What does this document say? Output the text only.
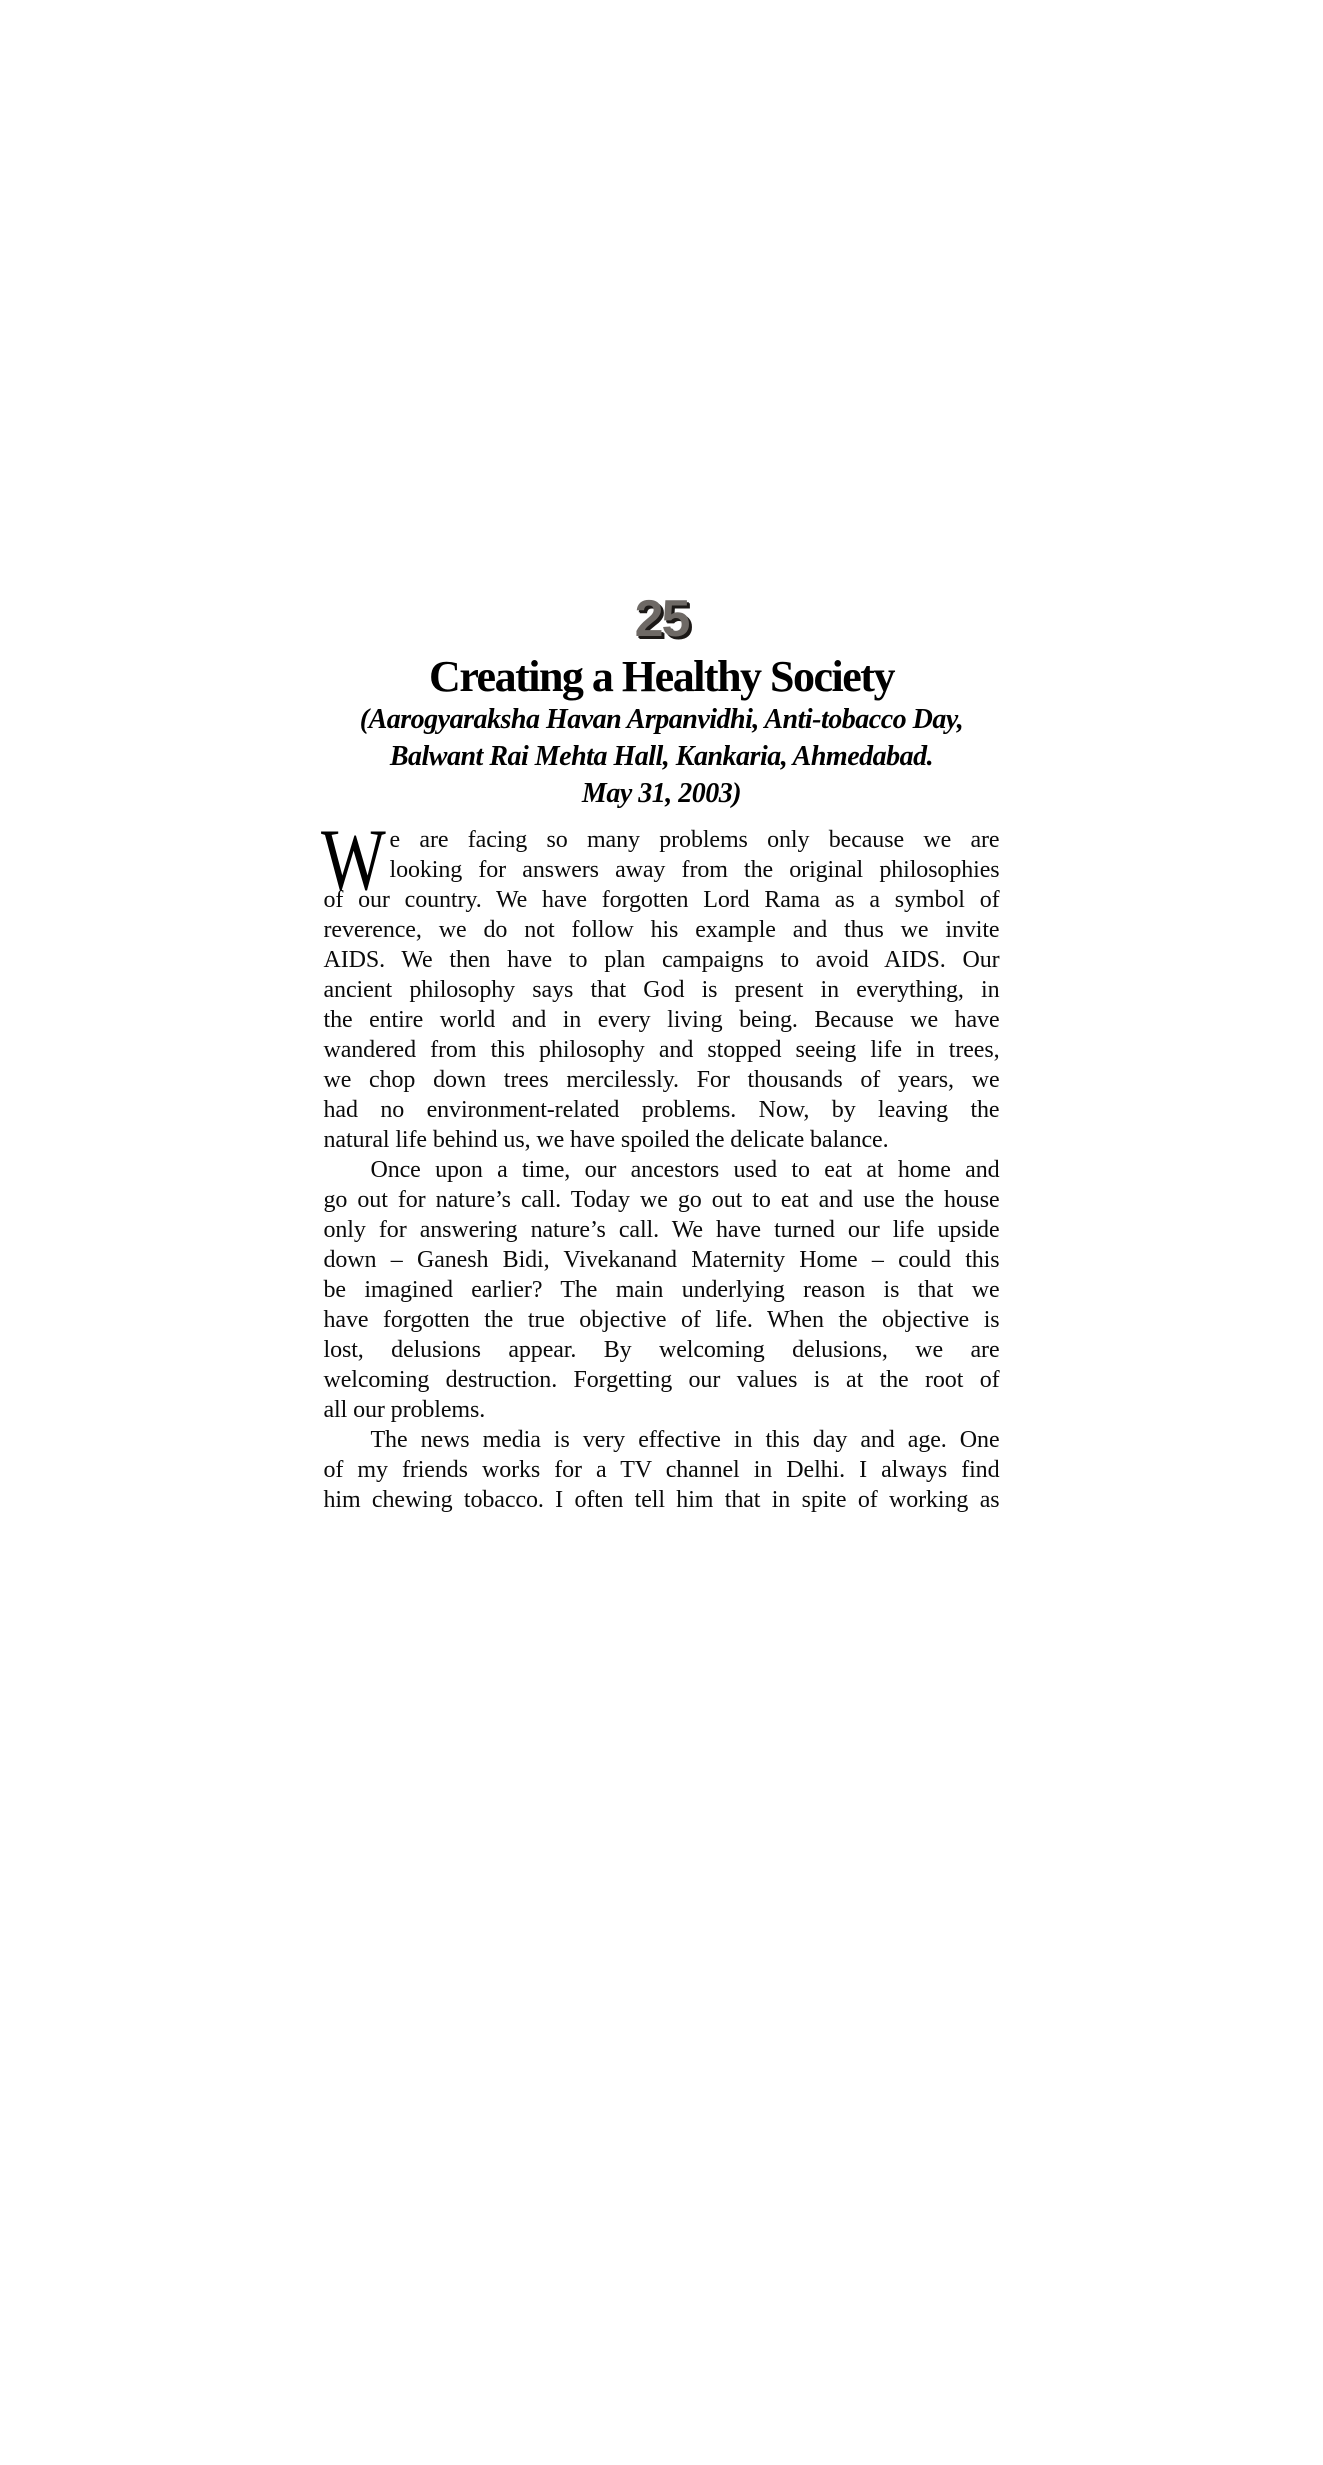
25
Creating a Healthy Society
(Aarogyaraksha Havan Arpanvidhi, Anti-tobacco Day,
Balwant Rai Mehta Hall, Kankaria, Ahmedabad.
May 31, 2003)
W e are facing so many problems only because we are
looking for answers away from the original philosophies
of our country. We have forgotten Lord Rama as a symbol of
reverence, we do not follow his example and thus we invite
AIDS. We then have to plan campaigns to avoid AIDS. Our
ancient philosophy says that God is present in everything, in
the entire world and in every living being. Because we have
wandered from this philosophy and stopped seeing life in trees,
we chop down trees mercilessly. For thousands of years, we
had no environment-related problems. Now, by leaving the
natural life behind us, we have spoiled the delicate balance.
Once upon a time, our ancestors used to eat at home and
go out for nature’s call. Today we go out to eat and use the house
only for answering nature’s call. We have turned our life upside
down – Ganesh Bidi, Vivekanand Maternity Home – could this
be imagined earlier? The main underlying reason is that we
have forgotten the true objective of life. When the objective is
lost, delusions appear. By welcoming delusions, we are
welcoming destruction. Forgetting our values is at the root of
all our problems.
The news media is very effective in this day and age. One
of my friends works for a TV channel in Delhi. I always find
him chewing tobacco. I often tell him that in spite of working as
